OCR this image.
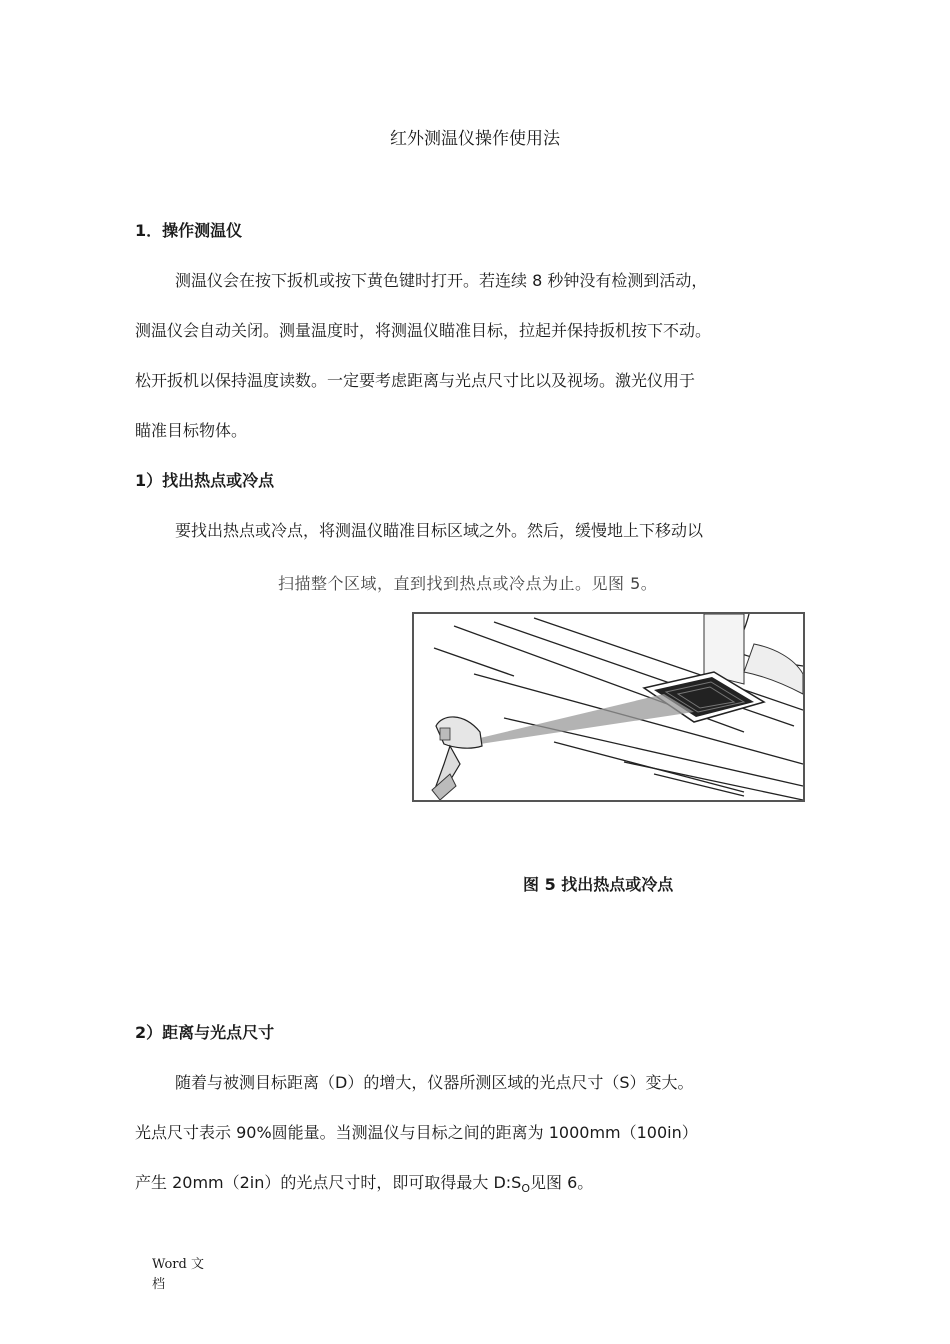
红外测温仪操作使用法
1．操作测温仪
测温仪会在按下扳机或按下黄色键时打开。若连续 8 秒钟没有检测到活动，
测温仪会自动关闭。测量温度时，将测温仪瞄准目标，拉起并保持扳机按下不动。
松开扳机以保持温度读数。一定要考虑距离与光点尺寸比以及视场。激光仪用于
瞄准目标物体。
1）找出热点或冷点
要找出热点或冷点，将测温仪瞄准目标区域之外。然后，缓慢地上下移动以
扫描整个区域，直到找到热点或冷点为止。见图 5。
图 5 找出热点或冷点
2）距离与光点尺寸
随着与被测目标距离（D）的增大，仪器所测区域的光点尺寸（S）变大。
光点尺寸表示 90%圆能量。当测温仪与目标之间的距离为 1000mm（100in）
产生 20mm（2in）的光点尺寸时，即可取得最大 $D:S_O$见图 6。
Word 文档
